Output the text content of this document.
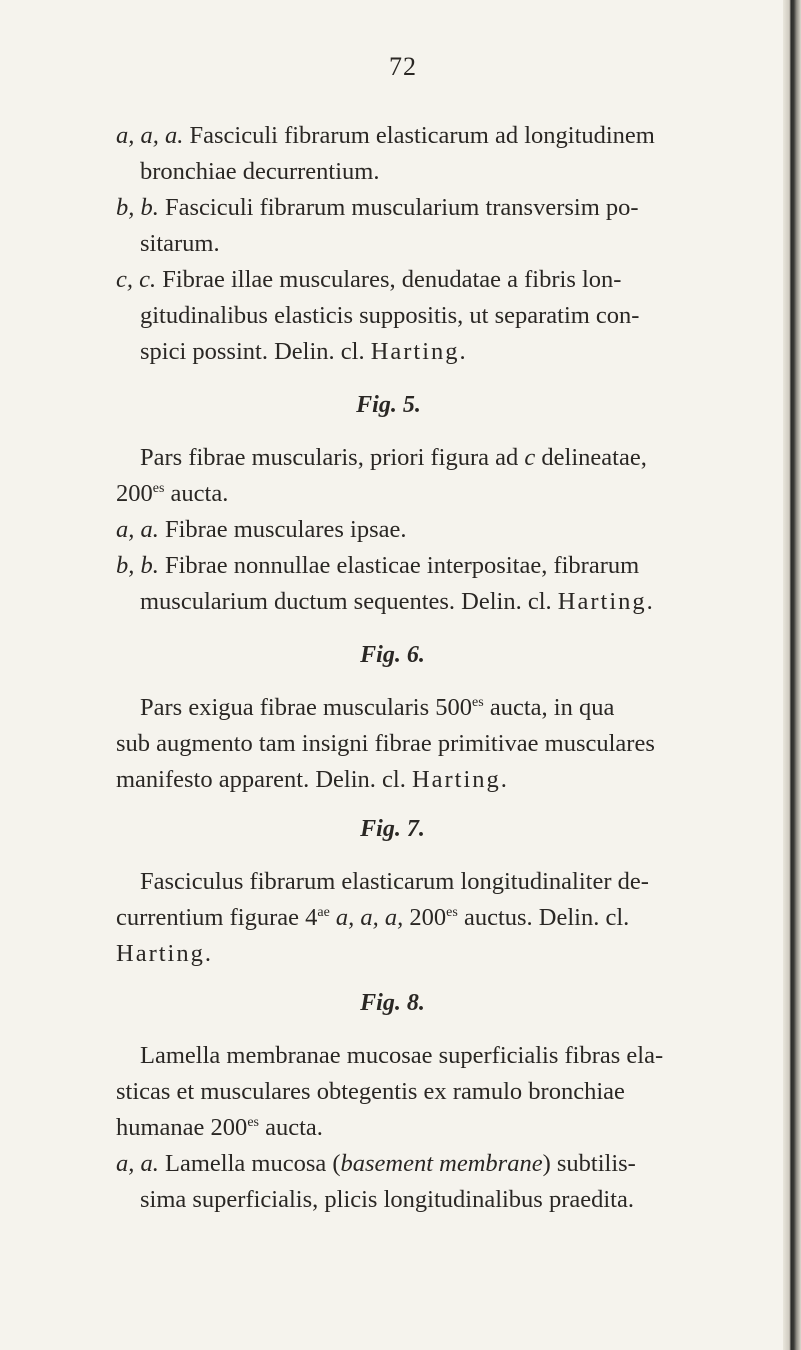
72
a, a, a. Fasciculi fibrarum elasticarum ad longitudinem
bronchiae decurrentium.
b, b. Fasciculi fibrarum muscularium transversim po-
sitarum.
c, c. Fibrae illae musculares, denudatae a fibris lon-
gitudinalibus elasticis suppositis, ut separatim con-
spici possint. Delin. cl. Harting.
Fig. 5.
Pars fibrae muscularis, priori figura ad c delineatae,
$200^{es}$ aucta.
a, a. Fibrae musculares ipsae.
b, b. Fibrae nonnullae elasticae interpositae, fibrarum
muscularium ductum sequentes. Delin. cl. Harting.
Fig. 6.
Pars exigua fibrae muscularis $500^{es}$ aucta, in qua
sub augmento tam insigni fibrae primitivae musculares
manifesto apparent. Delin. cl. Harting.
Fig. 7.
Fasciculus fibrarum elasticarum longitudinaliter de-
currentium figurae $4^{ae}$ a, a, a, $200^{es}$ auctus. Delin. cl.
Harting.
Fig. 8.
Lamella membranae mucosae superficialis fibras ela-
sticas et musculares obtegentis ex ramulo bronchiae
humanae $200^{es}$ aucta.
a, a. Lamella mucosa (basement membrane) subtilis-
sima superficialis, plicis longitudinalibus praedita.
